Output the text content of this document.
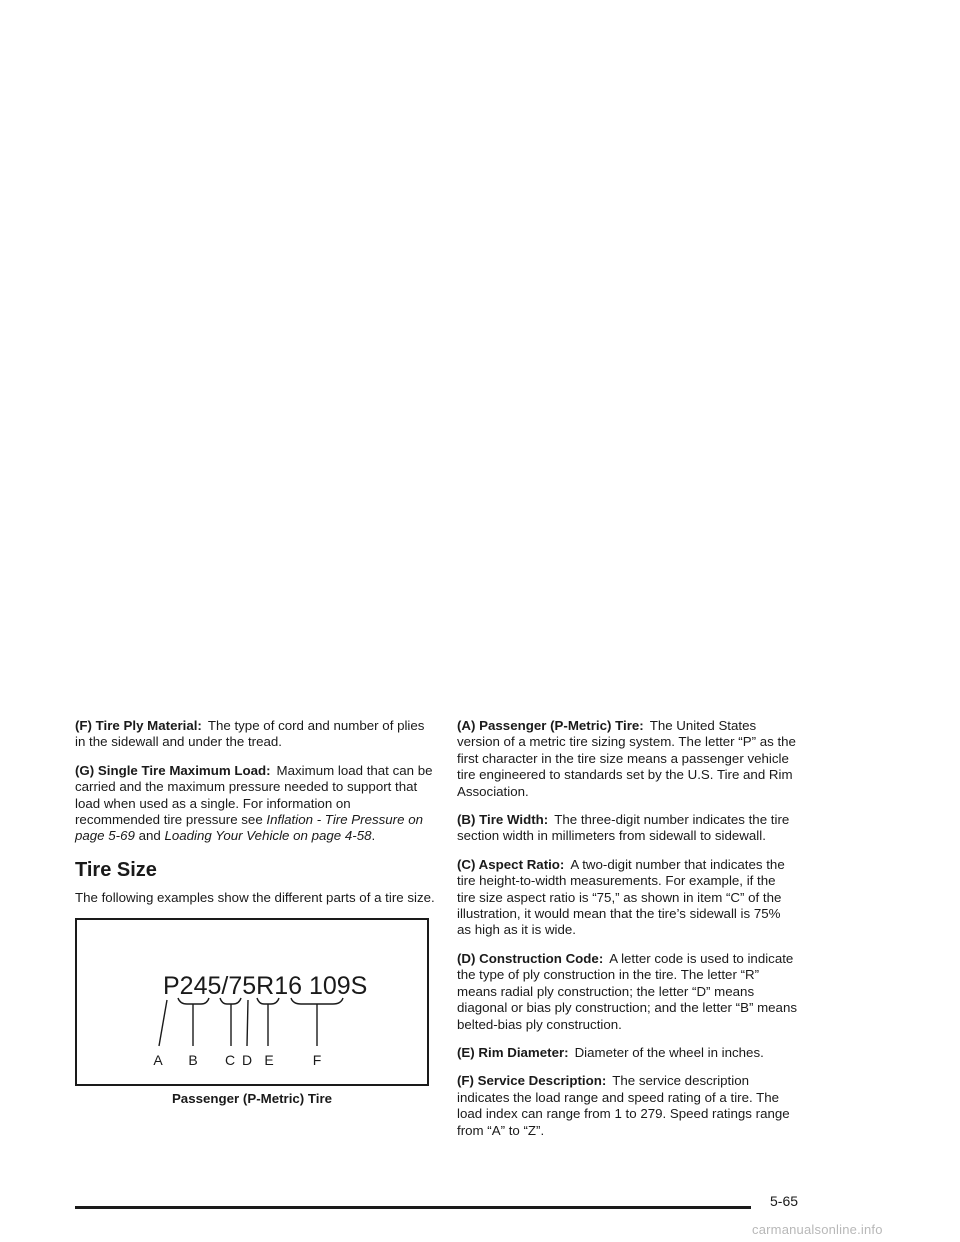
(F) Tire Ply Material: The type of cord and number of plies in the sidewall and under the tread.

(G) Single Tire Maximum Load: Maximum load that can be carried and the maximum pressure needed to support that load when used as a single. For information on recommended tire pressure see Inflation - Tire Pressure on page 5-69 and Loading Your Vehicle on page 4-58.

Tire Size

The following examples show the different parts of a tire size.

P245/75R16 109S
A B C D E	F
Passenger (P-Metric) Tire

(A) Passenger (P-Metric) Tire: The United States version of a metric tire sizing system. The letter “P” as the first character in the tire size means a passenger vehicle tire engineered to standards set by the U.S. Tire and Rim Association.

(B) Tire Width: The three-digit number indicates the tire section width in millimeters from sidewall to sidewall.

(C) Aspect Ratio: A two-digit number that indicates the tire height-to-width measurements. For example, if the tire size aspect ratio is “75,” as shown in item “C” of the illustration, it would mean that the tire’s sidewall is 75% as high as it is wide.

(D) Construction Code: A letter code is used to indicate the type of ply construction in the tire. The letter “R” means radial ply construction; the letter “D” means diagonal or bias ply construction; and the letter “B” means belted-bias ply construction.

(E) Rim Diameter: Diameter of the wheel in inches.

(F) Service Description: The service description indicates the load range and speed rating of a tire. The load index can range from 1 to 279. Speed ratings range from “A” to “Z”.

5-65
carmanualsonline.info
